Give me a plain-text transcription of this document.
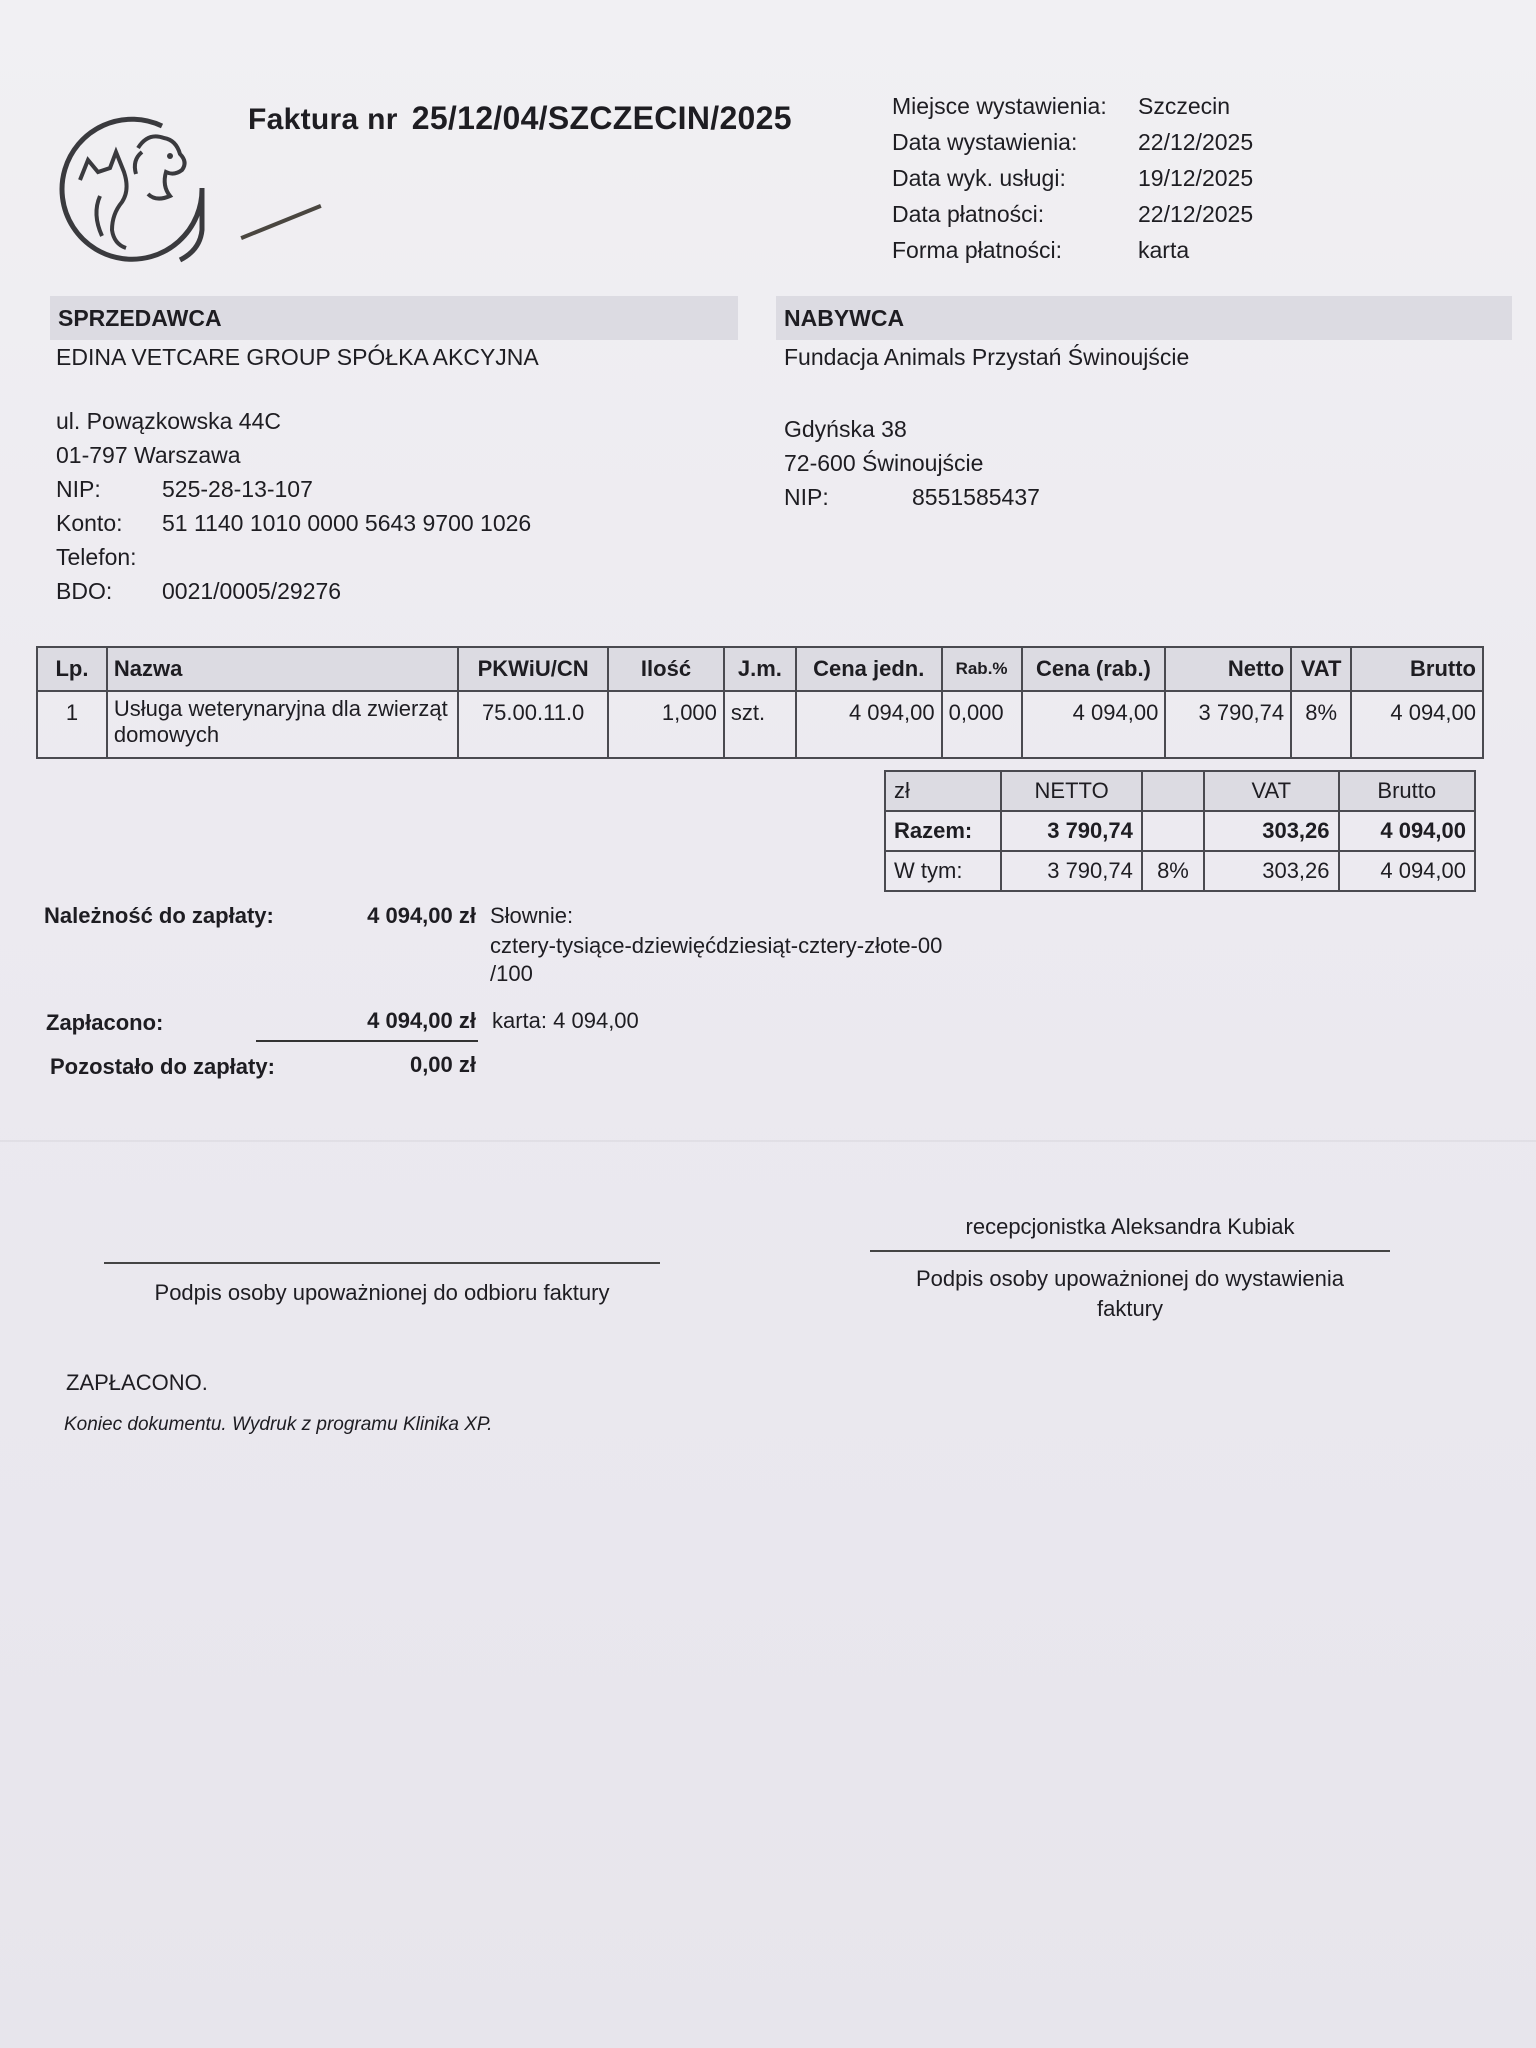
Faktura nr 25/12/04/SZCZECIN/2025	Miejsce wystawienia:	Szczecin
Data wystawienia:	22/12/2025
Data wyk. usługi:	19/12/2025
Data płatności:	22/12/2025
Forma płatności:	karta
SPRZEDAWCA
EDINA VETCARE GROUP SPÓŁKA AKCYJNA
ul. Powązkowska 44C
01-797 Warszawa
NIP:	525-28-13-107
Konto:	51 1140 1010 0000 5643 9700 1026
Telefon:
BDO:	0021/0005/29276
NABYWCA
Fundacja Animals Przystań Świnoujście
Gdyńska 38
72-600 Świnoujście
NIP:	8551585437
Lp.	Nazwa	PKWiU/CN	Ilość	J.m.	Cena jedn.	Rab.%	Cena (rab.)	Netto	VAT	Brutto
1	Usługa weterynaryjna dla zwierząt domowych	75.00.11.0	1,000	szt.	4 094,00	0,000	4 094,00	3 790,74	8%	4 094,00
zł	NETTO		VAT	Brutto
Razem:	3 790,74		303,26	4 094,00
W tym:	3 790,74	8%	303,26	4 094,00
Należność do zapłaty:	4 094,00 zł Słownie:
cztery-tysiące-dziewięćdziesiąt-cztery-złote-00
/100
Zapłacono:	4 094,00 zł karta: 4 094,00
Pozostało do zapłaty:	0,00 zł
Podpis osoby upoważnionej do odbioru faktury
recepcjonistka Aleksandra Kubiak
Podpis osoby upoważnionej do wystawienia
faktury
ZAPŁACONO.
Koniec dokumentu. Wydruk z programu Klinika XP.
